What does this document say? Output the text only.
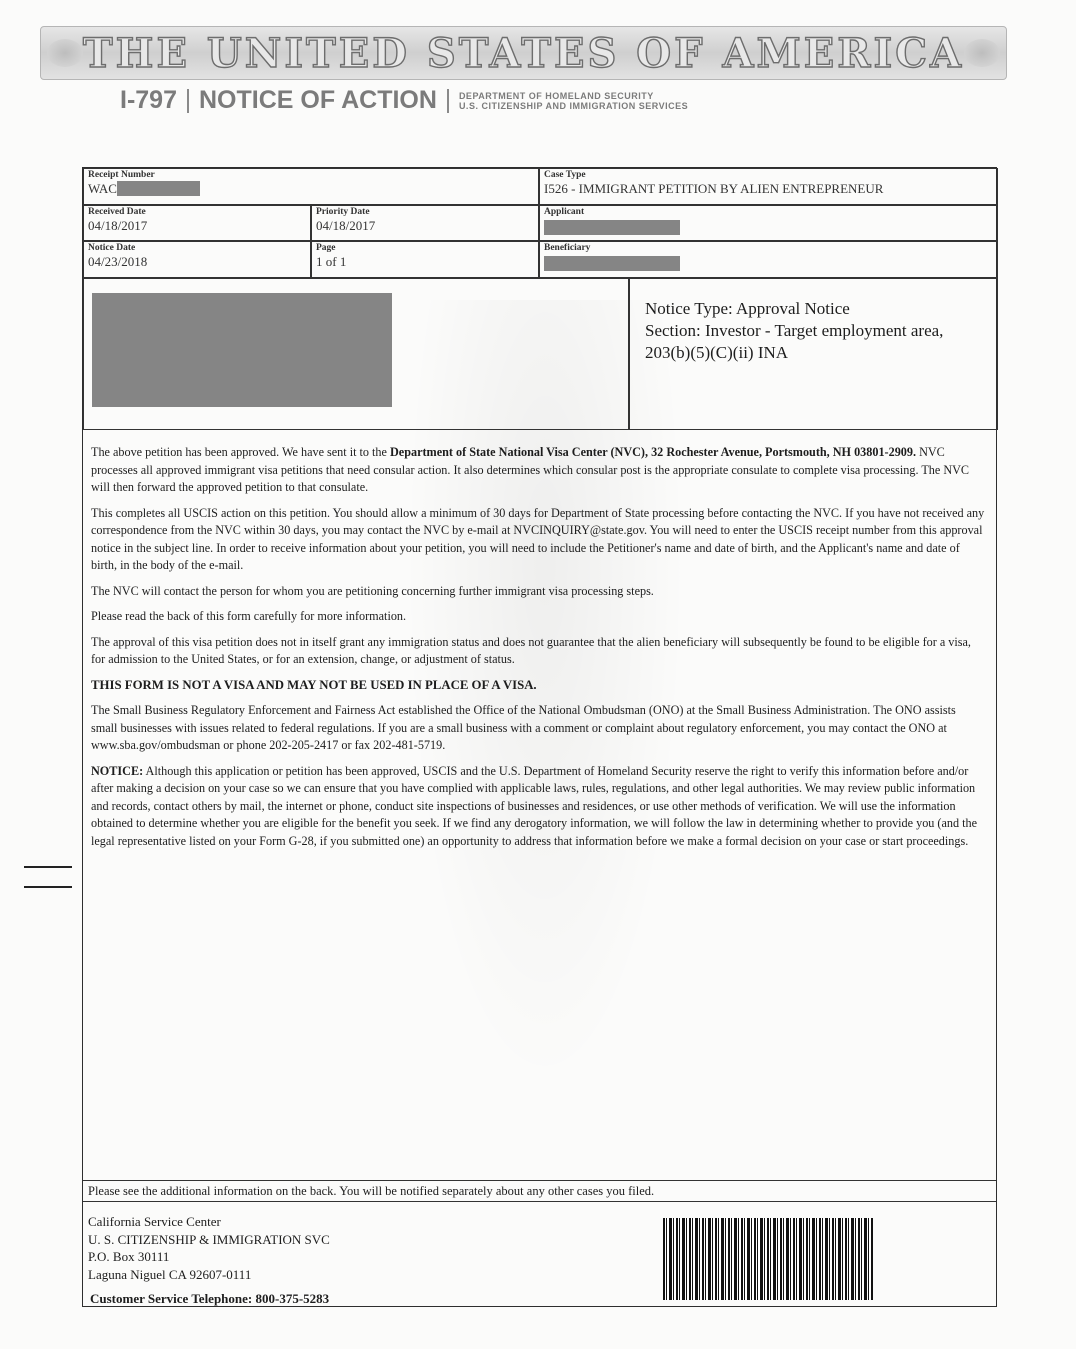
THE UNITED STATES OF AMERICA
I-797 NOTICE OF ACTION DEPARTMENT OF HOMELAND SECURITY
U.S. CITIZENSHIP AND IMMIGRATION SERVICES
Receipt Number
WAC
Case Type
I526 - IMMIGRANT PETITION BY ALIEN ENTREPRENEUR
Received Date
04/18/2017
Priority Date
04/18/2017
Applicant
Notice Date
04/23/2018
Page
1 of 1
Beneficiary
Notice Type: Approval Notice
Section: Investor - Target employment area,
203(b)(5)(C)(ii) INA

The above petition has been approved. We have sent it to the Department of State National Visa Center (NVC), 32 Rochester Avenue, Portsmouth, NH 03801-2909. NVC processes all approved immigrant visa petitions that need consular action. It also determines which consular post is the appropriate consulate to complete visa processing. The NVC will then forward the approved petition to that consulate.

This completes all USCIS action on this petition. You should allow a minimum of 30 days for Department of State processing before contacting the NVC. If you have not received any correspondence from the NVC within 30 days, you may contact the NVC by e-mail at NVCINQUIRY@state.gov. You will need to enter the USCIS receipt number from this approval notice in the subject line. In order to receive information about your petition, you will need to include the Petitioner's name and date of birth, and the Applicant's name and date of birth, in the body of the e-mail.

The NVC will contact the person for whom you are petitioning concerning further immigrant visa processing steps.

Please read the back of this form carefully for more information.

The approval of this visa petition does not in itself grant any immigration status and does not guarantee that the alien beneficiary will subsequently be found to be eligible for a visa, for admission to the United States, or for an extension, change, or adjustment of status.

THIS FORM IS NOT A VISA AND MAY NOT BE USED IN PLACE OF A VISA.

The Small Business Regulatory Enforcement and Fairness Act established the Office of the National Ombudsman (ONO) at the Small Business Administration. The ONO assists small businesses with issues related to federal regulations. If you are a small business with a comment or complaint about regulatory enforcement, you may contact the ONO at www.sba.gov/ombudsman or phone 202-205-2417 or fax 202-481-5719.

NOTICE: Although this application or petition has been approved, USCIS and the U.S. Department of Homeland Security reserve the right to verify this information before and/or after making a decision on your case so we can ensure that you have complied with applicable laws, rules, regulations, and other legal authorities. We may review public information and records, contact others by mail, the internet or phone, conduct site inspections of businesses and residences, or use other methods of verification. We will use the information obtained to determine whether you are eligible for the benefit you seek. If we find any derogatory information, we will follow the law in determining whether to provide you (and the legal representative listed on your Form G-28, if you submitted one) an opportunity to address that information before we make a formal decision on your case or start proceedings.

Please see the additional information on the back. You will be notified separately about any other cases you filed.
California Service Center
U. S. CITIZENSHIP & IMMIGRATION SVC
P.O. Box 30111
Laguna Niguel CA 92607-0111
Customer Service Telephone: 800-375-5283
